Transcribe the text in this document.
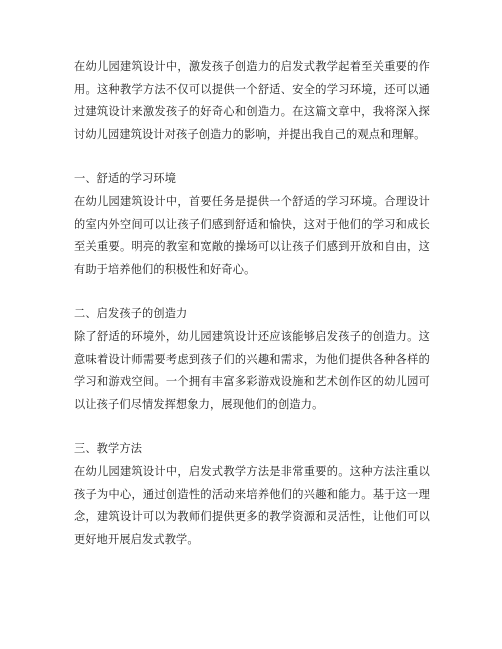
在幼儿园建筑设计中，激发孩子创造力的启发式教学起着至关重要的作用。这种教学方法不仅可以提供一个舒适、安全的学习环境，还可以通过建筑设计来激发孩子的好奇心和创造力。在这篇文章中，我将深入探讨幼儿园建筑设计对孩子创造力的影响，并提出我自己的观点和理解。

一、舒适的学习环境

在幼儿园建筑设计中，首要任务是提供一个舒适的学习环境。合理设计的室内外空间可以让孩子们感到舒适和愉快，这对于他们的学习和成长至关重要。明亮的教室和宽敞的操场可以让孩子们感到开放和自由，这有助于培养他们的积极性和好奇心。

二、启发孩子的创造力

除了舒适的环境外，幼儿园建筑设计还应该能够启发孩子的创造力。这意味着设计师需要考虑到孩子们的兴趣和需求，为他们提供各种各样的学习和游戏空间。一个拥有丰富多彩游戏设施和艺术创作区的幼儿园可以让孩子们尽情发挥想象力，展现他们的创造力。

三、教学方法

在幼儿园建筑设计中，启发式教学方法是非常重要的。这种方法注重以孩子为中心，通过创造性的活动来培养他们的兴趣和能力。基于这一理念，建筑设计可以为教师们提供更多的教学资源和灵活性，让他们可以更好地开展启发式教学。
